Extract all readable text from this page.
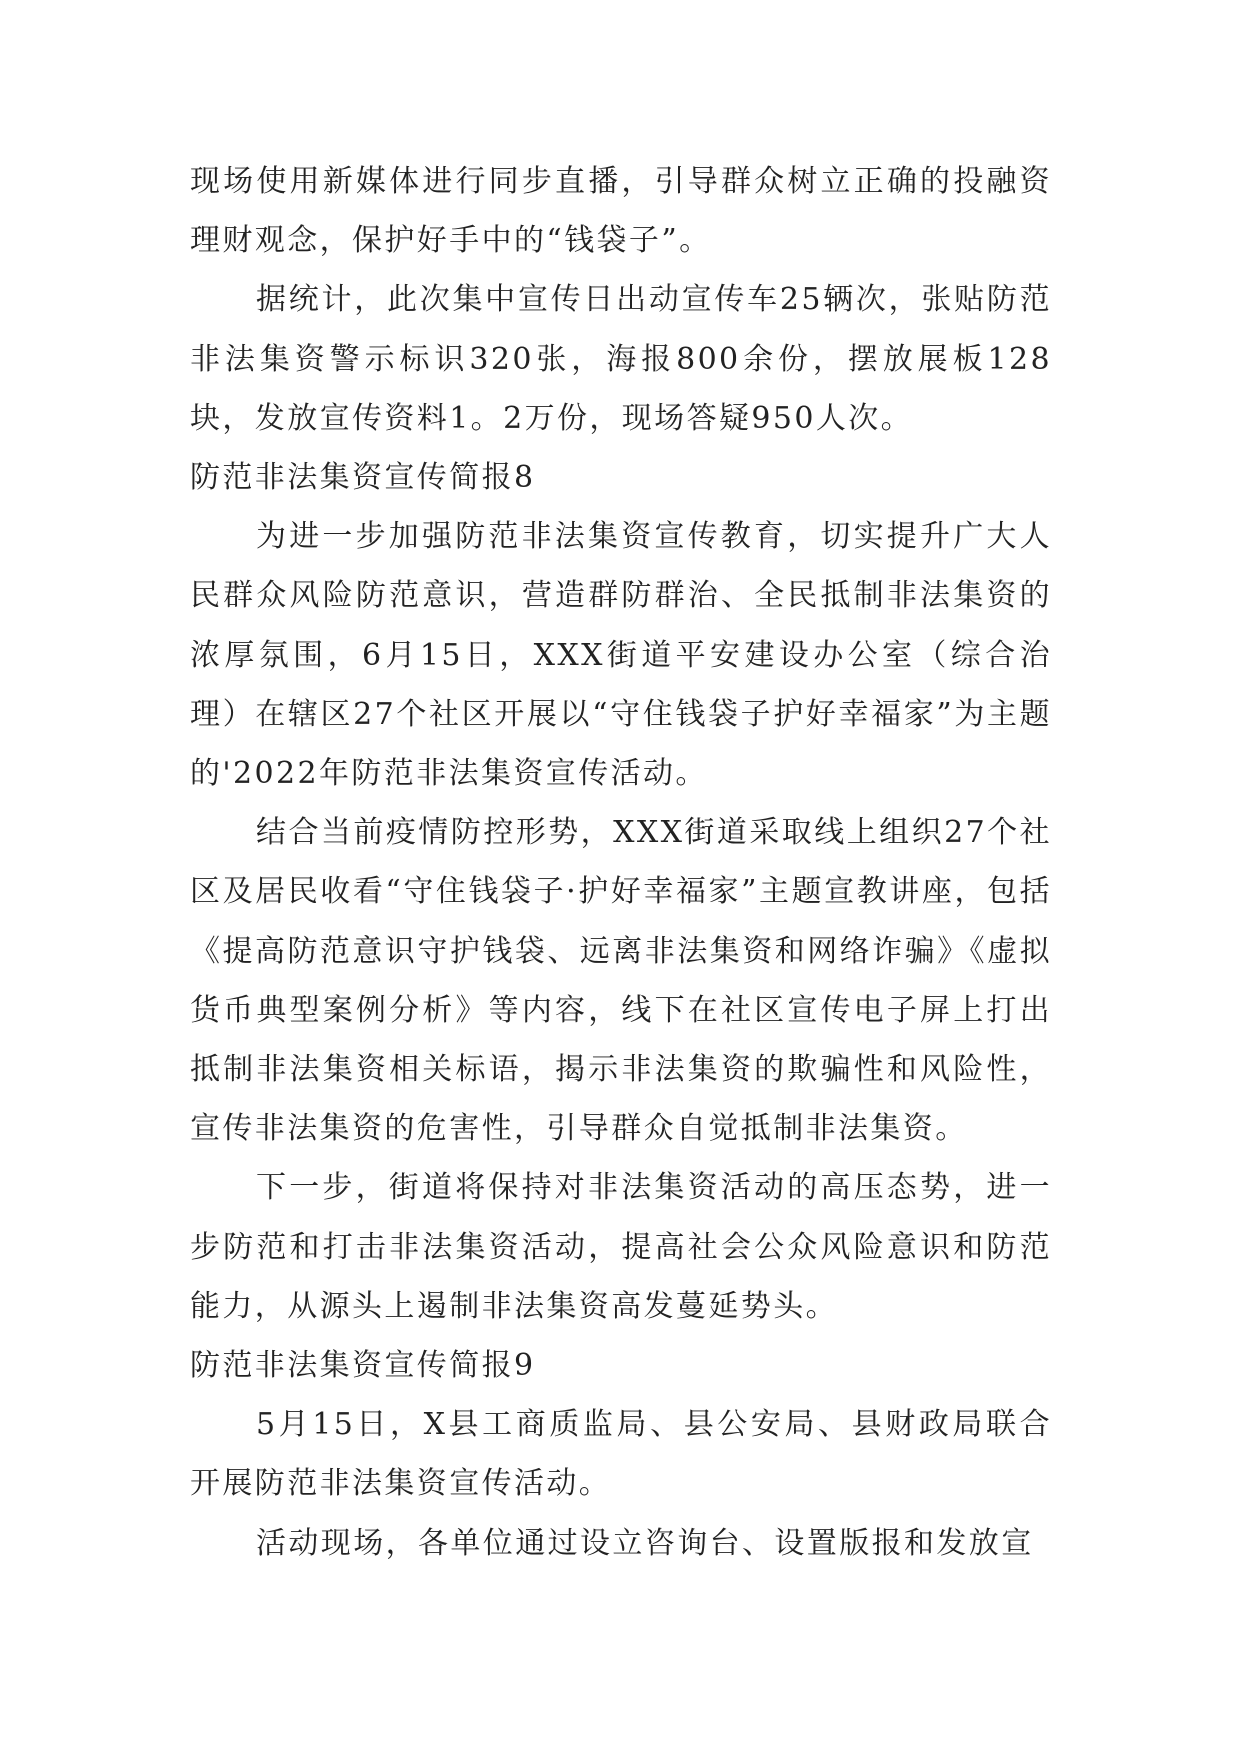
现场使用新媒体进行同步直播，引导群众树立正确的投融资理财观念，保护好手中的“钱袋子”。

据统计，此次集中宣传日出动宣传车25辆次，张贴防范非法集资警示标识320张，海报800余份，摆放展板128块，发放宣传资料1。2万份，现场答疑950人次。

防范非法集资宣传简报8

为进一步加强防范非法集资宣传教育，切实提升广大人民群众风险防范意识，营造群防群治、全民抵制非法集资的浓厚氛围，6月15日，XXX街道平安建设办公室（综合治理）在辖区27个社区开展以“守住钱袋子护好幸福家”为主题的'2022年防范非法集资宣传活动。

结合当前疫情防控形势，XXX街道采取线上组织27个社区及居民收看“守住钱袋子·护好幸福家”主题宣教讲座，包括《提高防范意识守护钱袋、远离非法集资和网络诈骗》《虚拟货币典型案例分析》等内容，线下在社区宣传电子屏上打出抵制非法集资相关标语，揭示非法集资的欺骗性和风险性，宣传非法集资的危害性，引导群众自觉抵制非法集资。

下一步，街道将保持对非法集资活动的高压态势，进一步防范和打击非法集资活动，提高社会公众风险意识和防范能力，从源头上遏制非法集资高发蔓延势头。

防范非法集资宣传简报9

5月15日，X县工商质监局、县公安局、县财政局联合开展防范非法集资宣传活动。

活动现场，各单位通过设立咨询台、设置版报和发放宣
